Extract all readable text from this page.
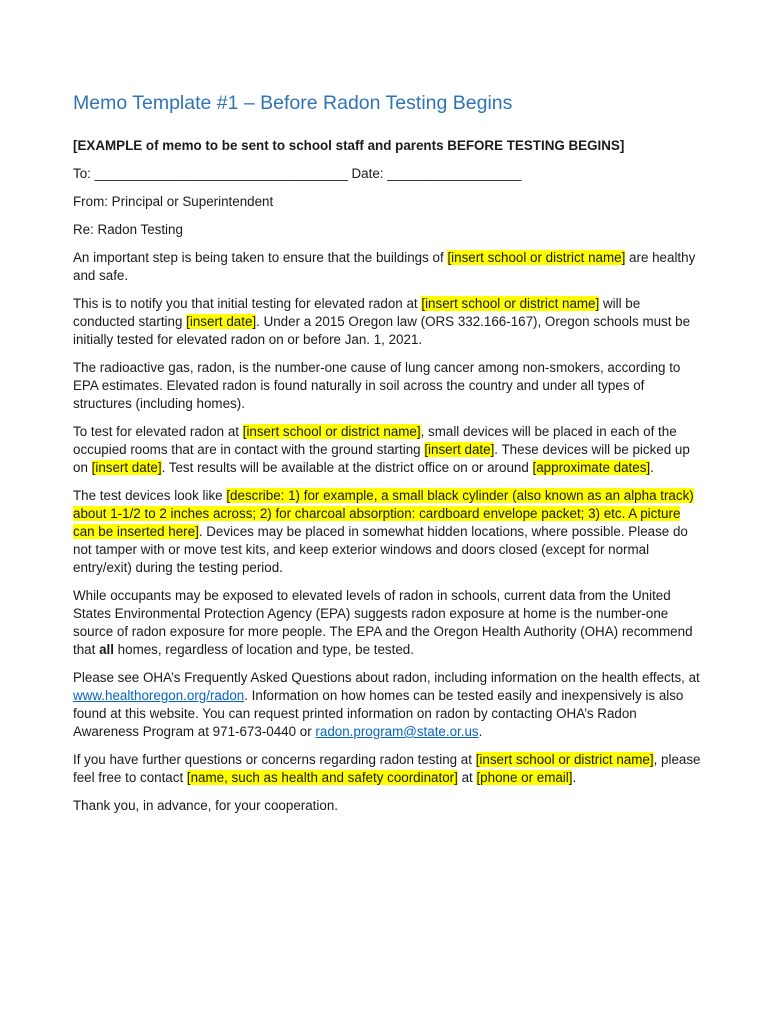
Memo Template #1 – Before Radon Testing Begins

[EXAMPLE of memo to be sent to school staff and parents BEFORE TESTING BEGINS]

To: __________________________________ Date: __________________

From: Principal or Superintendent

Re: Radon Testing

An important step is being taken to ensure that the buildings of [insert school or district name] are healthy and safe.

This is to notify you that initial testing for elevated radon at [insert school or district name] will be conducted starting [insert date]. Under a 2015 Oregon law (ORS 332.166-167), Oregon schools must be initially tested for elevated radon on or before Jan. 1, 2021.

The radioactive gas, radon, is the number-one cause of lung cancer among non-smokers, according to EPA estimates. Elevated radon is found naturally in soil across the country and under all types of structures (including homes).

To test for elevated radon at [insert school or district name], small devices will be placed in each of the occupied rooms that are in contact with the ground starting [insert date]. These devices will be picked up on [insert date]. Test results will be available at the district office on or around [approximate dates].

The test devices look like [describe: 1) for example, a small black cylinder (also known as an alpha track) about 1-1/2 to 2 inches across; 2) for charcoal absorption: cardboard envelope packet; 3) etc. A picture can be inserted here]. Devices may be placed in somewhat hidden locations, where possible. Please do not tamper with or move test kits, and keep exterior windows and doors closed (except for normal entry/exit) during the testing period.

While occupants may be exposed to elevated levels of radon in schools, current data from the United States Environmental Protection Agency (EPA) suggests radon exposure at home is the number-one source of radon exposure for more people. The EPA and the Oregon Health Authority (OHA) recommend that all homes, regardless of location and type, be tested.

Please see OHA’s Frequently Asked Questions about radon, including information on the health effects, at www.healthoregon.org/radon. Information on how homes can be tested easily and inexpensively is also found at this website. You can request printed information on radon by contacting OHA’s Radon Awareness Program at 971-673-0440 or radon.program@state.or.us.

If you have further questions or concerns regarding radon testing at [insert school or district name], please feel free to contact [name, such as health and safety coordinator] at [phone or email].

Thank you, in advance, for your cooperation.
